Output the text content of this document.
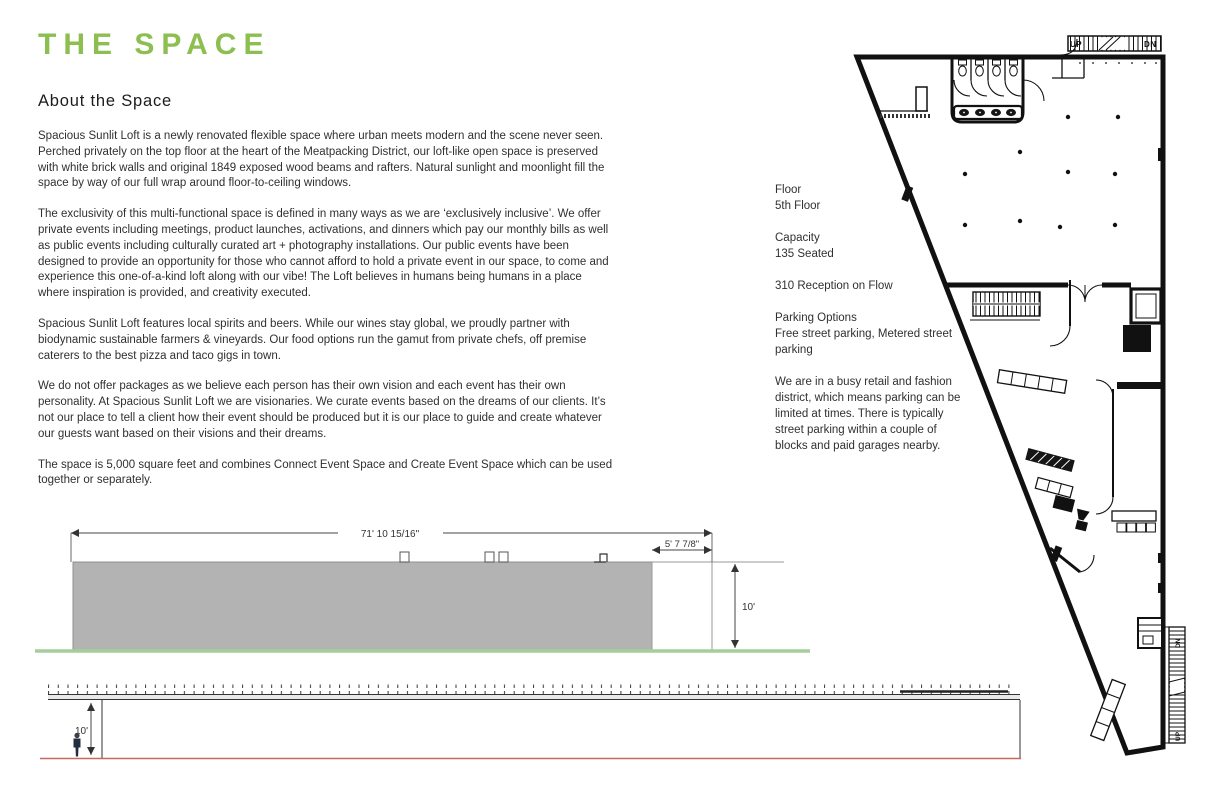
THE SPACE
About the Space

Spacious Sunlit Loft is a newly renovated flexible space where urban meets modern and the scene never seen. Perched privately on the top floor at the heart of the Meatpacking District, our loft-like open space is preserved with white brick walls and original 1849 exposed wood beams and rafters. Natural sunlight and moonlight fill the space by way of our full wrap around floor-to-ceiling windows.

The exclusivity of this multi-functional space is defined in many ways as we are ‘exclusively inclusive’. We offer private events including meetings, product launches, activations, and dinners which pay our monthly bills as well as public events including culturally curated art + photography installations. Our public events have been designed to provide an opportunity for those who cannot afford to hold a private event in our space, to come and experience this one-of-a-kind loft along with our vibe! The Loft believes in humans being humans in a place where inspiration is provided, and creativity executed.

Spacious Sunlit Loft features local spirits and beers. While our wines stay global, we proudly partner with biodynamic sustainable farmers & vineyards. Our food options run the gamut from private chefs, off premise caterers to the best pizza and taco gigs in town.

We do not offer packages as we believe each person has their own vision and each event has their own personality. At Spacious Sunlit Loft we are visionaries. We curate events based on the dreams of our clients. It’s not our place to tell a client how their event should be produced but it is our place to guide and create whatever our guests want based on their visions and their dreams.

The space is 5,000 square feet and combines Connect Event Space and Create Event Space which can be used together or separately.

Floor
5th Floor
Capacity
135 Seated
310 Reception on Flow
Parking Options
Free street parking, Metered street parking
We are in a busy retail and fashion district, which means parking can be limited at times. There is typically street parking within a couple of blocks and paid garages nearby.
UP	DN
UP
DN
71' 10 15/16"
5' 7 7/8"
10'
10'
